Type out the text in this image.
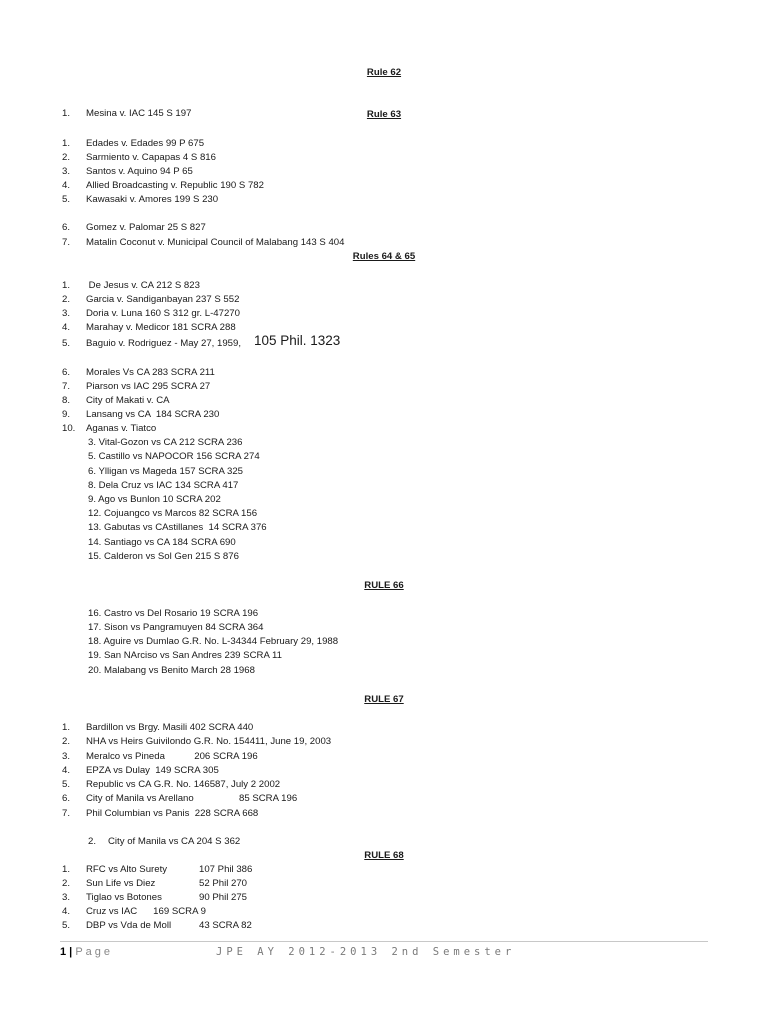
Rule 62

1.	Mesina v. IAC 145 S 197

	Rule 63
1.	Edades v. Edades 99 P 675
2.	Sarmiento v. Capapas 4 S 816
3.	Santos v. Aquino 94 P 65
4.	Allied Broadcasting v. Republic 190 S 782
5.	Kawasaki v. Amores 199 S 230
6.	Gomez v. Palomar 25 S 827
7.	Matalin Coconut v. Municipal Council of Malabang 143 S 404
Rules 64 & 65
1.	De Jesus v. CA 212 S 823
2.	Garcia v. Sandiganbayan 237 S 552
3.	Doria v. Luna 160 S 312 gr. L-47270
4.	Marahay v. Medicor 181 SCRA 288
5.	Baguio v. Rodriguez - May 27, 1959, 105 Phil. 1323
6.	Morales Vs CA 283 SCRA 211
7.	Piarson vs IAC 295 SCRA 27
8.	City of Makati v. CA
9.	Lansang vs CA  184 SCRA 230
10.	Aganas v. Tiatco
3. Vital-Gozon vs CA 212 SCRA 236
5. Castillo vs NAPOCOR 156 SCRA 274
6. Ylligan vs Mageda 157 SCRA 325
8. Dela Cruz vs IAC 134 SCRA 417
9. Ago vs Bunlon 10 SCRA 202
12. Cojuangco vs Marcos 82 SCRA 156
13. Gabutas vs CAstillanes  14 SCRA 376
14. Santiago vs CA 184 SCRA 690
15. Calderon vs Sol Gen 215 S 876
RULE 66
16. Castro vs Del Rosario 19 SCRA 196
17. Sison vs Pangramuyen 84 SCRA 364
18. Aguire vs Dumlao G.R. No. L-34344 February 29, 1988
19. San NArciso vs San Andres 239 SCRA 11
20. Malabang vs Benito March 28 1968
RULE 67
1.	Bardillon vs Brgy. Masili 402 SCRA 440
2.	NHA vs Heirs Guivilondo G.R. No. 154411, June 19, 2003
3.	Meralco vs Pineda           206 SCRA 196
4.	EPZA vs Dulay  149 SCRA 305
5.	Republic vs CA G.R. No. 146587, July 2 2002
6.	City of Manila vs Arellano                 85 SCRA 196
7.	Phil Columbian vs Panis  228 SCRA 668
2.	City of Manila vs CA 204 S 362
RULE 68
1.	RFC vs Alto Surety	107 Phil 386
2.	Sun Life vs Diez	52 Phil 270
3.	Tiglao vs Botones	90 Phil 275
4.	Cruz vs IAC      169 SCRA 9
5.	DBP vs Vda de Moll	43 SCRA 82
1 | Page	JPE AY 2012-2013 2nd Semester
